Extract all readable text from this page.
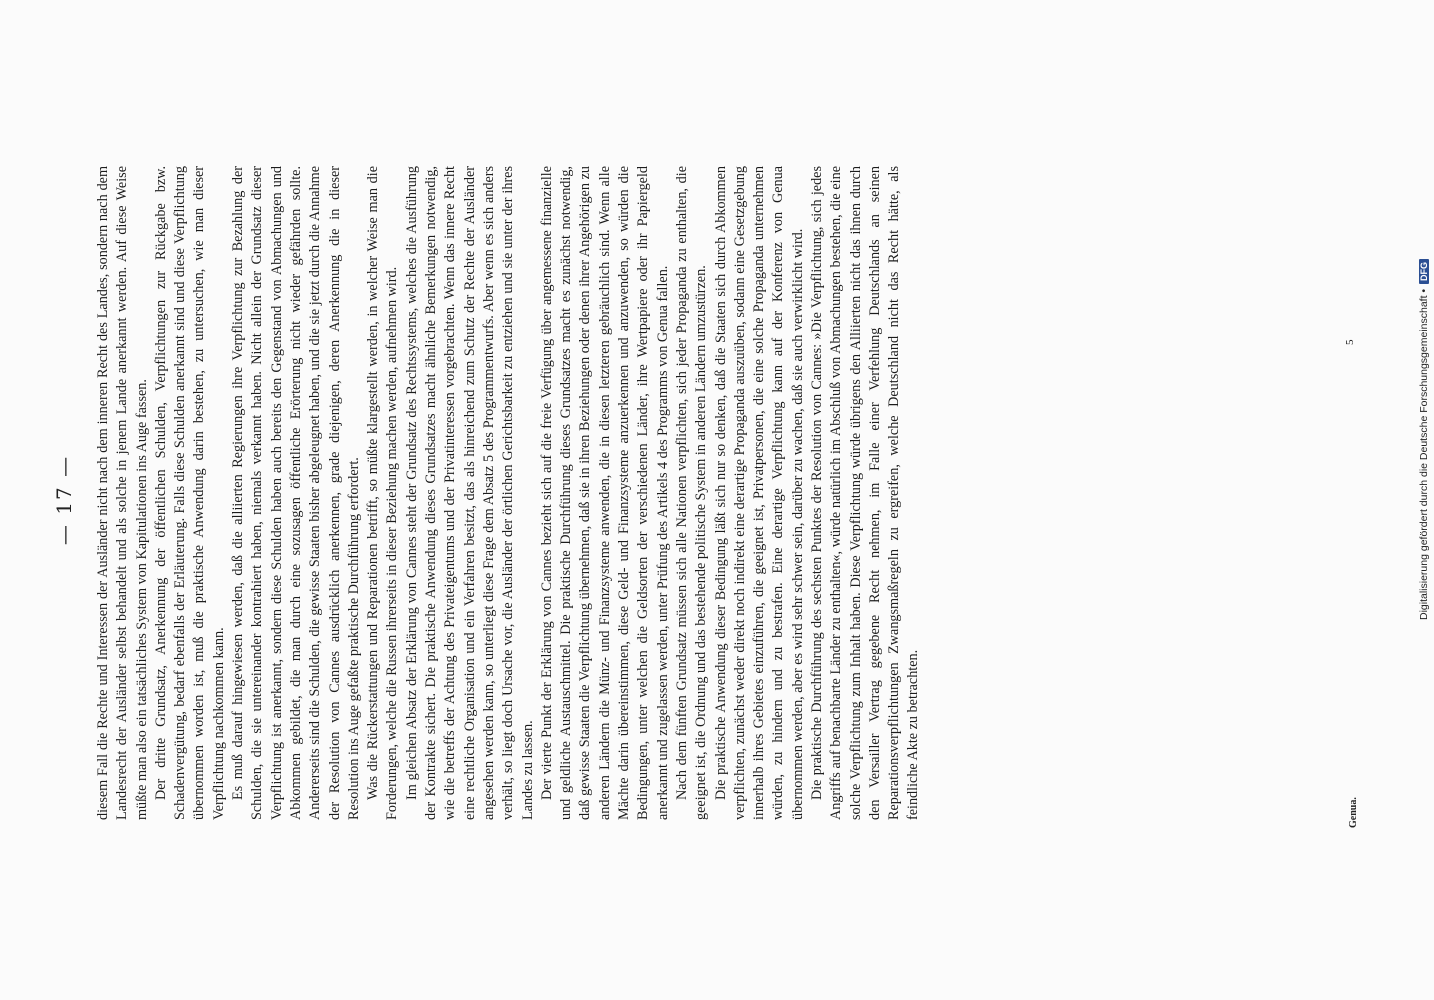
— 17 — diesem Fall die Rechte und Interessen der Ausländer nicht nach dem inneren Recht des Landes, sondern nach dem Landesrecht der Ausländer selbst behandelt und als solche in jenem Lande anerkannt werden. Auf diese Weise müßte man also ein tatsächliches System von Kapitulationen ins Auge fassen. Der dritte Grundsatz, Anerkennung der öffentlichen Schulden, Verpflichtungen zur Rückgabe bzw. Schadenvergütung, bedarf ebenfalls der Erläuterung. Falls diese Schulden anerkannt sind und diese Verpflichtung übernommen worden ist, muß die praktische Anwendung darin bestehen, zu untersuchen, wie man dieser Verpflichtung nachkommen kann. Es muß darauf hingewiesen werden, daß die alliierten Regierungen ihre Verpflichtung zur Bezahlung der Schulden, die sie untereinander kontrahiert haben, niemals verkannt haben. Nicht allein der Grundsatz dieser Verpflichtung ist anerkannt, sondern diese Schulden haben auch bereits den Gegenstand von Abmachungen und Abkommen gebildet, die man durch eine sozusagen öffentliche Erörterung nicht wieder gefährden sollte. Andererseits sind die Schulden, die gewisse Staaten bisher abgeleugnet haben, und die sie jetzt durch die Annahme der Resolution von Cannes ausdrücklich anerkennen, grade diejenigen, deren Anerkennung die in dieser Resolution ins Auge gefaßte praktische Durchführung erfordert. Was die Rückerstattungen und Reparationen betrifft, so müßte klargestellt werden, in welcher Weise man die Forderungen, welche die Russen ihrerseits in dieser Beziehung machen werden, aufnehmen wird. Im gleichen Absatz der Erklärung von Cannes steht der Grundsatz des Rechtssystems, welches die Ausführung der Kontrakte sichert. Die praktische Anwendung dieses Grundsatzes macht ähnliche Bemerkungen notwendig, wie die betreffs der Achtung des Privateigentums und der Privatinteressen vorgebrachten. Wenn das innere Recht eine rechtliche Organisation und ein Verfahren besitzt, das als hinreichend zum Schutz der Rechte der Ausländer angesehen werden kann, so unterliegt diese Frage dem Absatz 5 des Programmentwurfs. Aber wenn es sich anders verhält, so liegt doch Ursache vor, die Ausländer der örtlichen Gerichtsbarkeit zu entziehen und sie unter der ihres Landes zu lassen. Der vierte Punkt der Erklärung von Cannes bezieht sich auf die freie Verfügung über angemessene finanzielle und geldliche Austauschmittel. Die praktische Durchführung dieses Grundsatzes macht es zunächst notwendig, daß gewisse Staaten die Verpflichtung übernehmen, daß sie in ihren Beziehungen oder denen ihrer Angehörigen zu anderen Ländern die Münz- und Finanzsysteme anwenden, die in diesen letzteren gebräuchlich sind. Wenn alle Mächte darin übereinstimmen, diese Geld- und Finanzsysteme anzuerkennen und anzuwenden, so würden die Bedingungen, unter welchen die Geldsorten der verschiedenen Länder, ihre Wertpapiere oder ihr Papiergeld anerkannt und zugelassen werden, unter Prüfung des Artikels 4 des Programms von Genua fallen. Nach dem fünften Grundsatz müssen sich alle Nationen verpflichten, sich jeder Propaganda zu enthalten, die geeignet ist, die Ordnung und das bestehende politische System in anderen Ländern umzustürzen. Die praktische Anwendung dieser Bedingung läßt sich nur so denken, daß die Staaten sich durch Abkommen verpflichten, zunächst weder direkt noch indirekt eine derartige Propaganda auszuüben, sodann eine Gesetzgebung innerhalb ihres Gebietes einzuführen, die geeignet ist, Privatpersonen, die eine solche Propaganda unternehmen würden, zu hindern und zu bestrafen. Eine derartige Verpflichtung kann auf der Konferenz von Genua übernommen werden, aber es wird sehr schwer sein, darüber zu wachen, daß sie auch verwirklicht wird. Die praktische Durchführung des sechsten Punktes der Resolution von Cannes: »Die Verpflichtung, sich jedes Angriffs auf benachbarte Länder zu enthalten«, würde natürlich im Abschluß von Abmachungen bestehen, die eine solche Verpflichtung zum Inhalt haben. Diese Verpflichtung würde übrigens den Alliierten nicht das ihnen durch den Versailler Vertrag gegebene Recht nehmen, im Falle einer Verfehlung Deutschlands an seinen Reparationsverpflichtungen Zwangsmaßregeln zu ergreifen, welche Deutschland nicht das Recht hätte, als feindliche Akte zu betrachten.	Genua.
5	Digitalisierung gefördert durch die Deutsche Forschungsgemeinschaft • DFG
